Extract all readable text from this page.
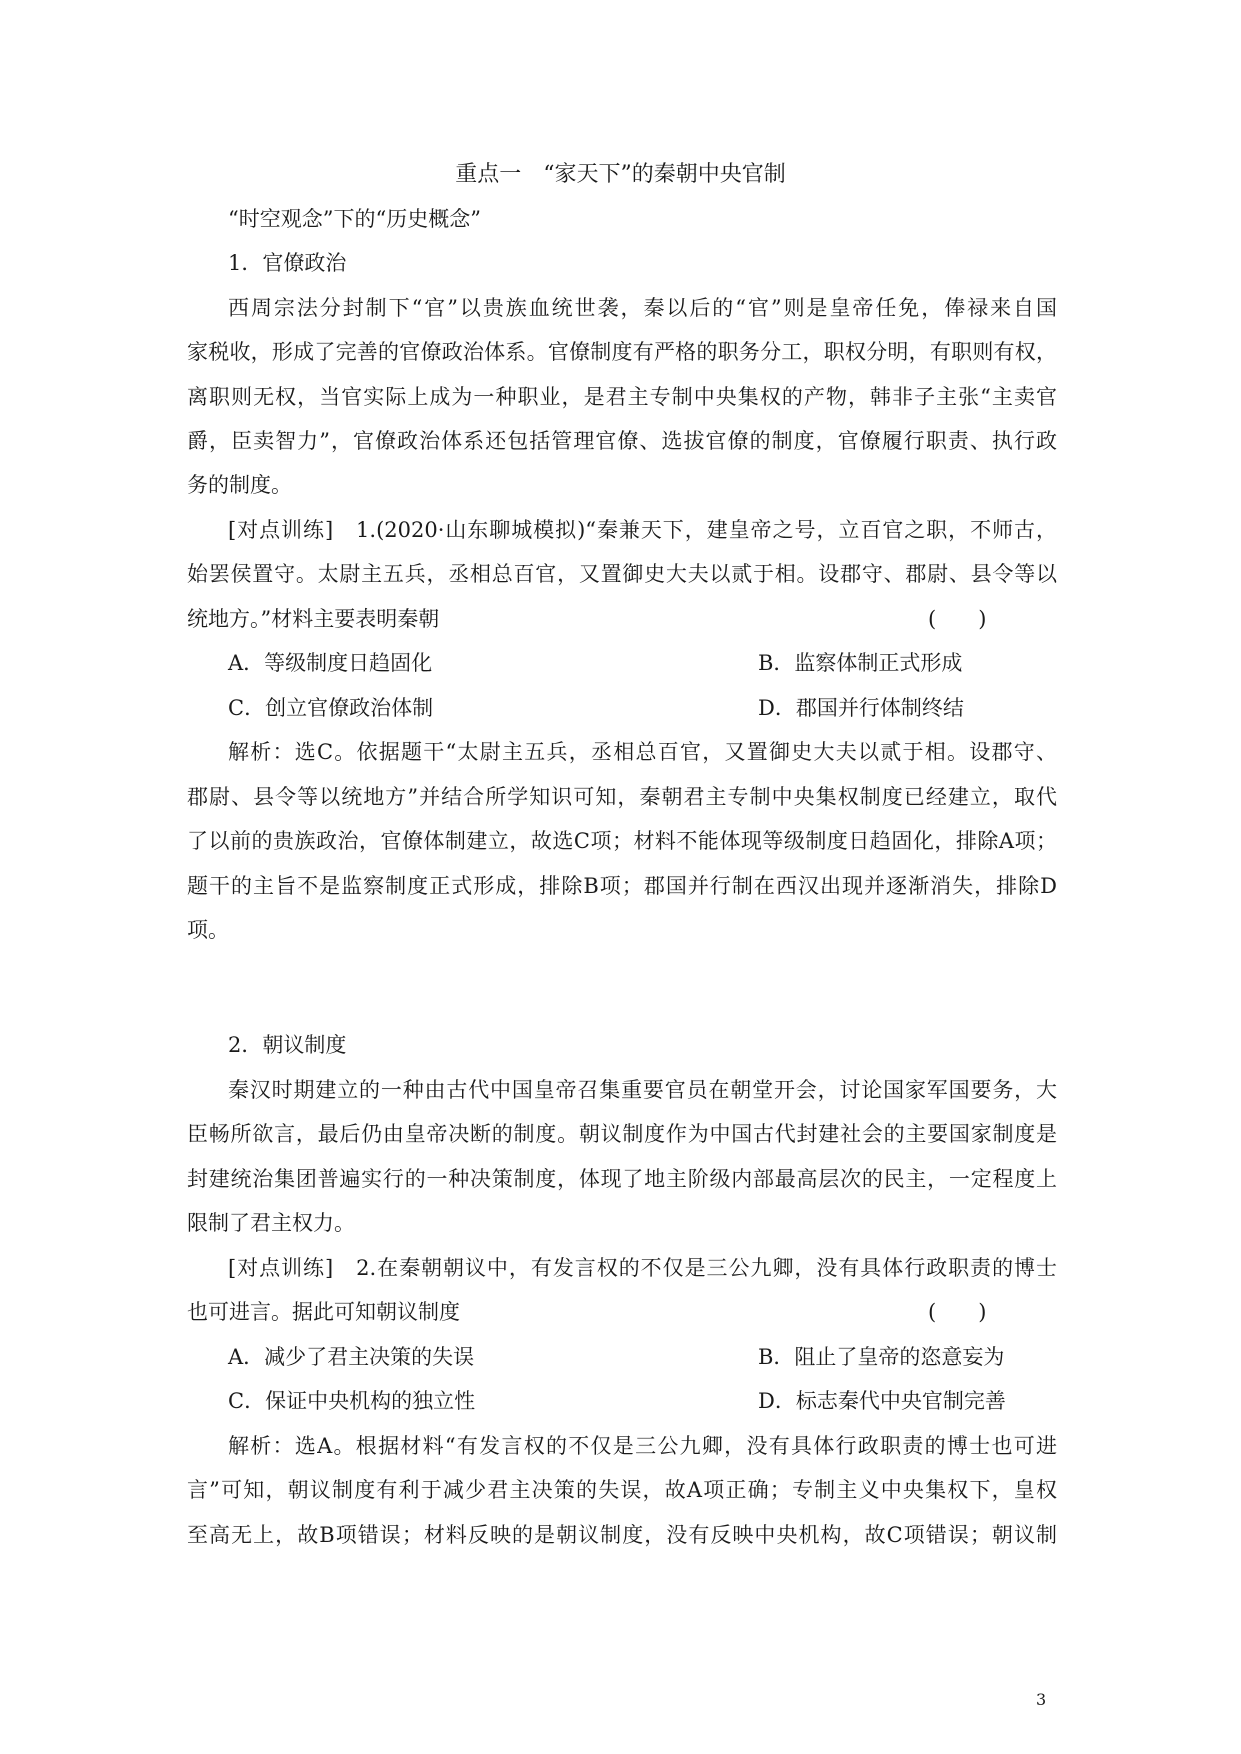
重点一　“家天下”的秦朝中央官制
“时空观念”下的“历史概念”
1．官僚政治
西周宗法分封制下“官”以贵族血统世袭，秦以后的“官”则是皇帝任免，俸禄来自国
家税收，形成了完善的官僚政治体系。官僚制度有严格的职务分工，职权分明，有职则有权，
离职则无权，当官实际上成为一种职业，是君主专制中央集权的产物，韩非子主张“主卖官
爵，臣卖智力”，官僚政治体系还包括管理官僚、选拔官僚的制度，官僚履行职责、执行政
务的制度。
[对点训练]　1.(2020·山东聊城模拟)“秦兼天下，建皇帝之号，立百官之职，不师古，
始罢侯置守。太尉主五兵，丞相总百官，又置御史大夫以贰于相。设郡守、郡尉、县令等以
统地方。”材料主要表明秦朝	(　　)
A．等级制度日趋固化	B．监察体制正式形成
C．创立官僚政治体制	D．郡国并行体制终结
解析：选C。依据题干“太尉主五兵，丞相总百官，又置御史大夫以贰于相。设郡守、
郡尉、县令等以统地方”并结合所学知识可知，秦朝君主专制中央集权制度已经建立，取代
了以前的贵族政治，官僚体制建立，故选C项；材料不能体现等级制度日趋固化，排除A项；
题干的主旨不是监察制度正式形成，排除B项；郡国并行制在西汉出现并逐渐消失，排除D
项。
2．朝议制度
秦汉时期建立的一种由古代中国皇帝召集重要官员在朝堂开会，讨论国家军国要务，大
臣畅所欲言，最后仍由皇帝决断的制度。朝议制度作为中国古代封建社会的主要国家制度是
封建统治集团普遍实行的一种决策制度，体现了地主阶级内部最高层次的民主，一定程度上
限制了君主权力。
[对点训练]　2.在秦朝朝议中，有发言权的不仅是三公九卿，没有具体行政职责的博士
也可进言。据此可知朝议制度	(　　)
A．减少了君主决策的失误	B．阻止了皇帝的恣意妄为
C．保证中央机构的独立性	D．标志秦代中央官制完善
解析：选A。根据材料“有发言权的不仅是三公九卿，没有具体行政职责的博士也可进
言”可知，朝议制度有利于减少君主决策的失误，故A项正确；专制主义中央集权下，皇权
至高无上，故B项错误；材料反映的是朝议制度，没有反映中央机构，故C项错误；朝议制
3
